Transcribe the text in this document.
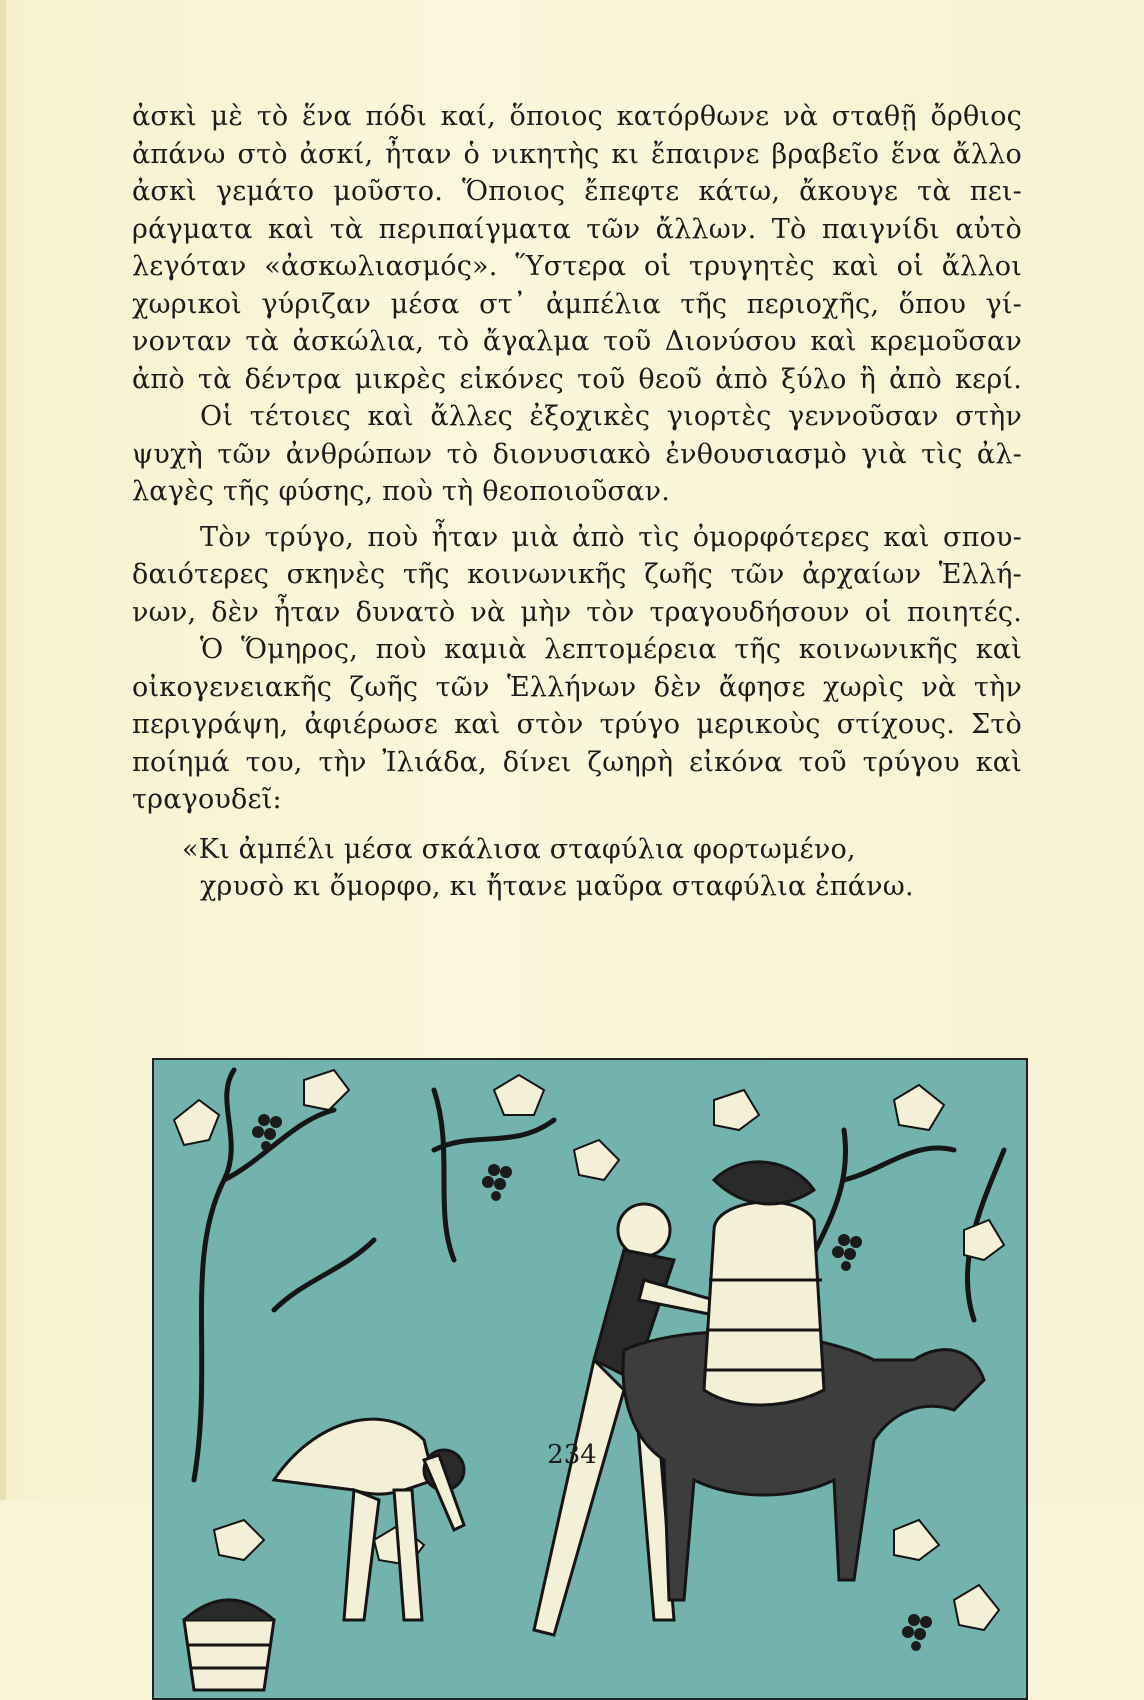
ἀσκὶ μὲ τὸ ἕνα πόδι καί, ὅποιος κατόρθωνε νὰ σταθῇ ὄρθιος
ἀπάνω στὸ ἀσκί, ἦταν ὁ νικητὴς κι ἔπαιρνε βραβεῖο ἕνα ἄλλο
ἀσκὶ γεμάτο μοῦστο. Ὅποιος ἔπεφτε κάτω, ἄκουγε τὰ πει-
ράγματα καὶ τὰ περιπαίγματα τῶν ἄλλων. Τὸ παιγνίδι αὐτὸ
λεγόταν «ἀσκωλιασμός». Ὕστερα οἱ τρυγητὲς καὶ οἱ ἄλλοι
χωρικοὶ γύριζαν μέσα στ᾽ ἀμπέλια τῆς περιοχῆς, ὅπου γί-
νονταν τὰ ἀσκώλια, τὸ ἄγαλμα τοῦ Διονύσου καὶ κρεμοῦσαν
ἀπὸ τὰ δέντρα μικρὲς εἰκόνες τοῦ θεοῦ ἀπὸ ξύλο ἢ ἀπὸ κερί.
Οἱ τέτοιες καὶ ἄλλες ἐξοχικὲς γιορτὲς γεννοῦσαν στὴν
ψυχὴ τῶν ἀνθρώπων τὸ διονυσιακὸ ἐνθουσιασμὸ γιὰ τὶς ἀλ-
λαγὲς τῆς φύσης, ποὺ τὴ θεοποιοῦσαν.
Τὸν τρύγο, ποὺ ἦταν μιὰ ἀπὸ τὶς ὀμορφότερες καὶ σπου-
δαιότερες σκηνὲς τῆς κοινωνικῆς ζωῆς τῶν ἀρχαίων Ἑλλή-
νων, δὲν ἦταν δυνατὸ νὰ μὴν τὸν τραγουδήσουν οἱ ποιητές.
Ὁ Ὅμηρος, ποὺ καμιὰ λεπτομέρεια τῆς κοινωνικῆς καὶ
οἰκογενειακῆς ζωῆς τῶν Ἑλλήνων δὲν ἄφησε χωρὶς νὰ τὴν
περιγράψη, ἀφιέρωσε καὶ στὸν τρύγο μερικοὺς στίχους. Στὸ
ποίημά του, τὴν Ἰλιάδα, δίνει ζωηρὴ εἰκόνα τοῦ τρύγου καὶ
τραγουδεῖ:
«Κι ἀμπέλι μέσα σκάλισα σταφύλια φορτωμένο,
χρυσὸ κι ὄμορφο, κι ἤτανε μαῦρα σταφύλια ἐπάνω.
234
